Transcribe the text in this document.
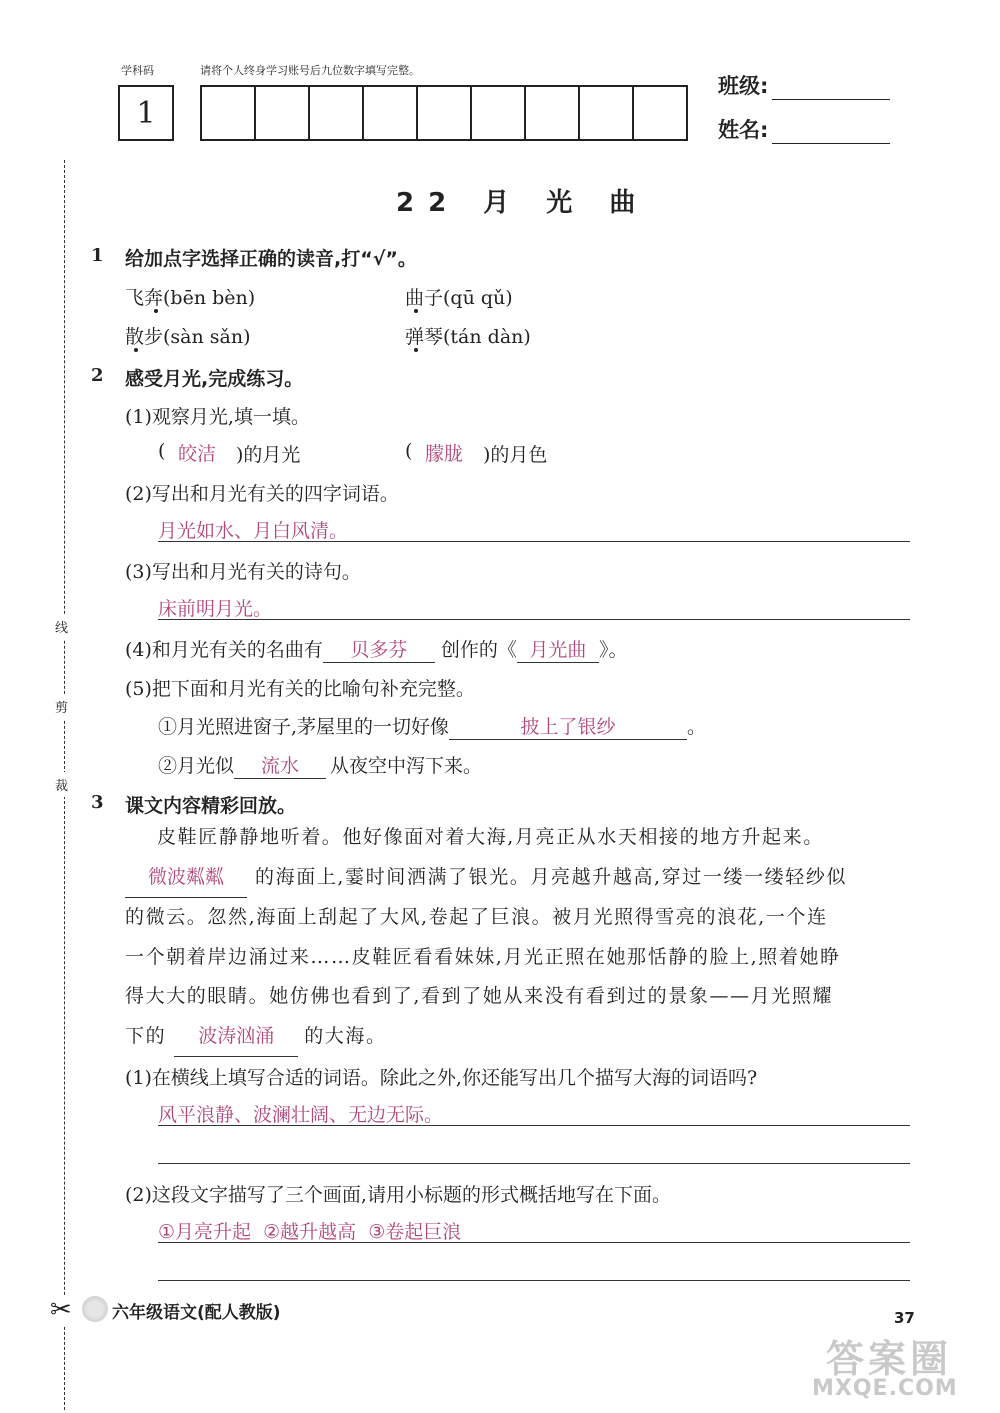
学科码	请将个人终身学习账号后九位数字填写完整。
1
班级:
姓名:
线
剪
裁
✂
22 月 光 曲
1 给加点字选择正确的读音,打“√”。
飞奔(bēn bèn)	曲子(qū qǔ)
散步(sàn sǎn)	弹琴(tán dàn)
2 感受月光,完成练习。
(1)观察月光,填一填。
( 皎洁 )的月光	( 朦胧 )的月色
(2)写出和月光有关的四字词语。
月光如水、月白风清。
(3)写出和月光有关的诗句。
床前明月光。
(4)和月光有关的名曲有 贝多芬 创作的《 月光曲 》。
(5)把下面和月光有关的比喻句补充完整。
①月光照进窗子,茅屋里的一切好像	披上了银纱	。
②月光似 流水 从夜空中泻下来。
3 课文内容精彩回放。
皮鞋匠静静地听着。他好像面对着大海,月亮正从水天相接的地方升起来。
微波粼粼 的海面上,霎时间洒满了银光。月亮越升越高,穿过一缕一缕轻纱似
的微云。忽然,海面上刮起了大风,卷起了巨浪。被月光照得雪亮的浪花,一个连
一个朝着岸边涌过来……皮鞋匠看看妹妹,月光正照在她那恬静的脸上,照着她睁
得大大的眼睛。她仿佛也看到了,看到了她从来没有看到过的景象——月光照耀
下的 波涛汹涌 的大海。
(1)在横线上填写合适的词语。除此之外,你还能写出几个描写大海的词语吗?
风平浪静、波澜壮阔、无边无际。
(2)这段文字描写了三个画面,请用小标题的形式概括地写在下面。
①月亮升起  ②越升越高  ③卷起巨浪
六年级语文(配人教版)	37
答案圈
MXQE.COM
